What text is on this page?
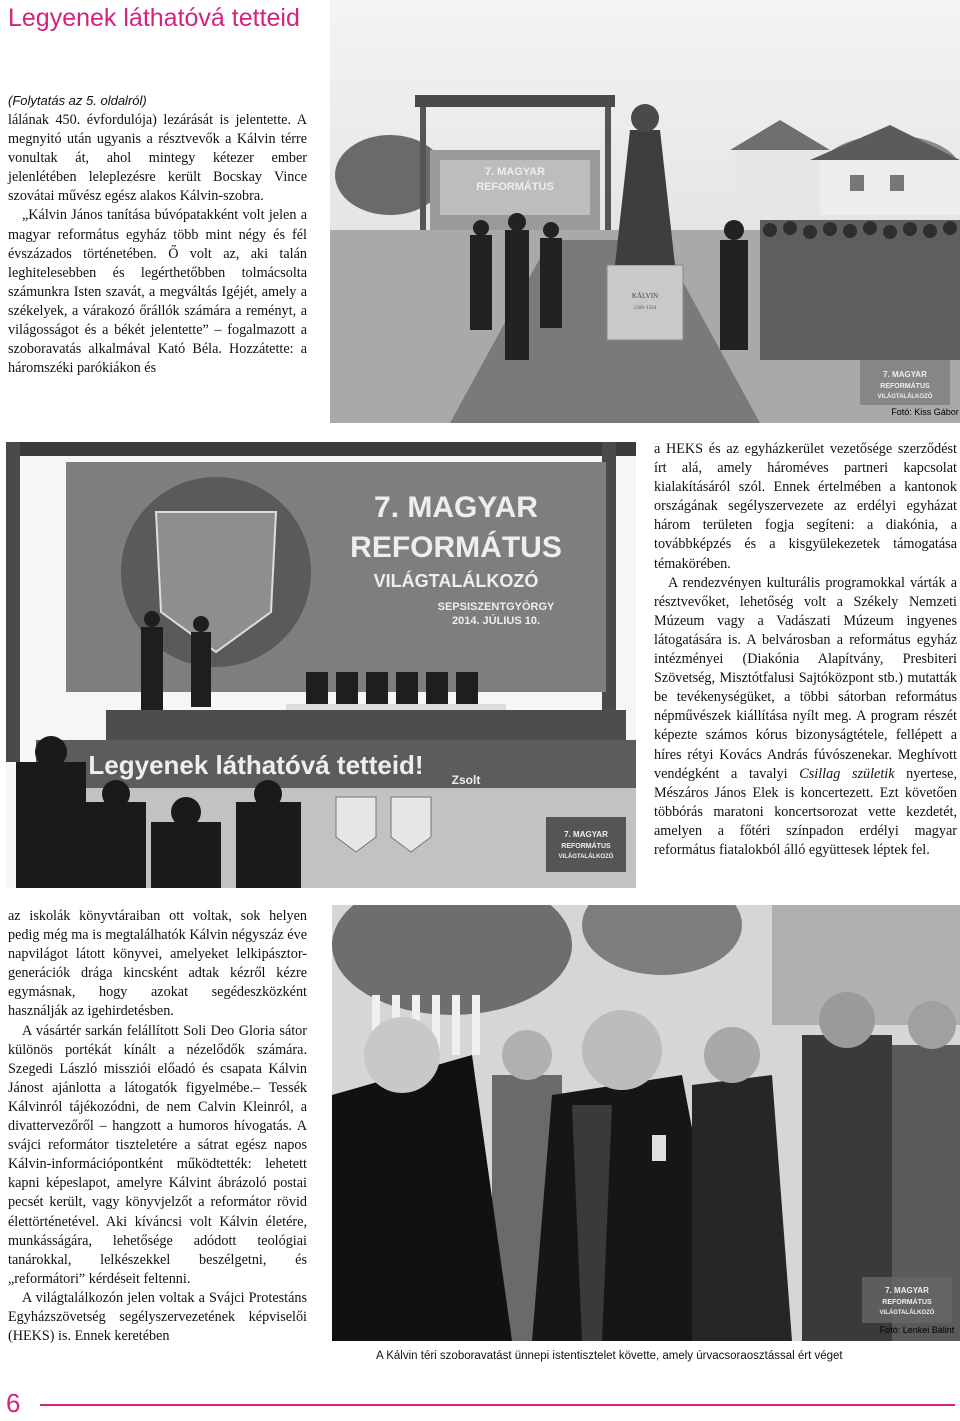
Legyenek láthatóvá tetteid
(Folytatás az 5. oldalról)

lálának 450. évfordulója) lezárását is jelentette. A megnyitó után ugyanis a résztvevők a Kálvin térre vonultak át, ahol mintegy kétezer ember jelenlétében leleplezésre került Bocskay Vince szovátai művész egész alakos Kálvin-szobra.

„Kálvin János tanítása búvópatakként volt jelen a magyar református egyház több mint négy és fél évszázados történetében. Ő volt az, aki talán leghitelesebben és legérthetőbben tolmácsolta számunkra Isten szavát, a megváltás Igéjét, amely a székelyek, a várakozó őrállók számára a reményt, a világosságot és a békét jelentette” – fogalmazott a szoboravatás alkalmával Kató Béla. Hozzátette: a háromszéki parókiákon és

7. MAGYAR
REFORMÁTUS
KÁLVIN
1509–1564
7. MAGYAR
REFORMÁTUS
VILÁGTALÁLKOZÓ
Fotó: Kiss Gábor
7. MAGYAR
REFORMÁTUS
VILÁGTALÁLKOZÓ
SEPSISZENTGYÖRGY
2014. JÚLIUS 10.
Legyenek láthatóvá tetteid! Zsolt
7. MAGYAR
REFORMÁTUS
VILÁGTALÁLKOZÓ

a HEKS és az egyházkerület vezetősége szerződést írt alá, amely hároméves partneri kapcsolat kialakításáról szól. Ennek értelmében a kantonok országának segélyszervezete az erdélyi egyházat három területen fogja segíteni: a diakónia, a továbbképzés és a kisgyülekezetek támogatása témakörében.

A rendezvényen kulturális programokkal várták a résztvevőket, lehetőség volt a Székely Nemzeti Múzeum vagy a Vadászati Múzeum ingyenes látogatására is. A belvárosban a református egyház intézményei (Diakónia Alapítvány, Presbiteri Szövetség, Misztótfalusi Sajtóközpont stb.) mutatták be tevékenységüket, a többi sátorban református népművészek kiállítása nyílt meg. A program részét képezte számos kórus bizonyságtétele, fellépett a híres rétyi Kovács András fúvószenekar. Meghívott vendégként a tavalyi Csillag születik nyertese, Mészáros János Elek is koncertezett. Ezt követően többórás maratoni koncertsorozat vette kezdetét, amelyen a főtéri színpadon erdélyi magyar református fiatalokból álló együttesek léptek fel.

az iskolák könyvtáraiban ott voltak, sok helyen pedig még ma is megtalálhatók Kálvin négyszáz éve napvilágot látott könyvei, amelyeket lelkipásztor-generációk drága kincsként adtak kézről kézre egymásnak, hogy azokat segédeszközként használják az igehirdetésben.

A vásártér sarkán felállított Soli Deo Gloria sátor különös portékát kínált a nézelődők számára. Szegedi László missziói előadó és csapata Kálvin Jánost ajánlotta a látogatók figyelmébe.– Tessék Kálvinról tájékozódni, de nem Calvin Kleinról, a divattervezőről – hangzott a humoros hívogatás. A svájci reformátor tiszteletére a sátrat egész napos Kálvin-információpontként működtették: lehetett kapni képeslapot, amelyre Kálvint ábrázoló postai pecsét került, vagy könyvjelzőt a reformátor rövid élettörténetével. Aki kíváncsi volt Kálvin életére, munkásságára, lehetősége adódott teológiai tanárokkal, lelkészekkel beszélgetni, és „reformátori” kérdéseit feltenni.

A világtalálkozón jelen voltak a Svájci Protestáns Egyházszövetség segélyszervezetének képviselői (HEKS) is. Ennek keretében

7. MAGYAR
REFORMÁTUS
VILÁGTALÁLKOZÓ
Fotó: Lenkei Bálint
A Kálvin téri szoboravatást ünnepi istentisztelet követte, amely úrvacsoraosztással ért véget
6
